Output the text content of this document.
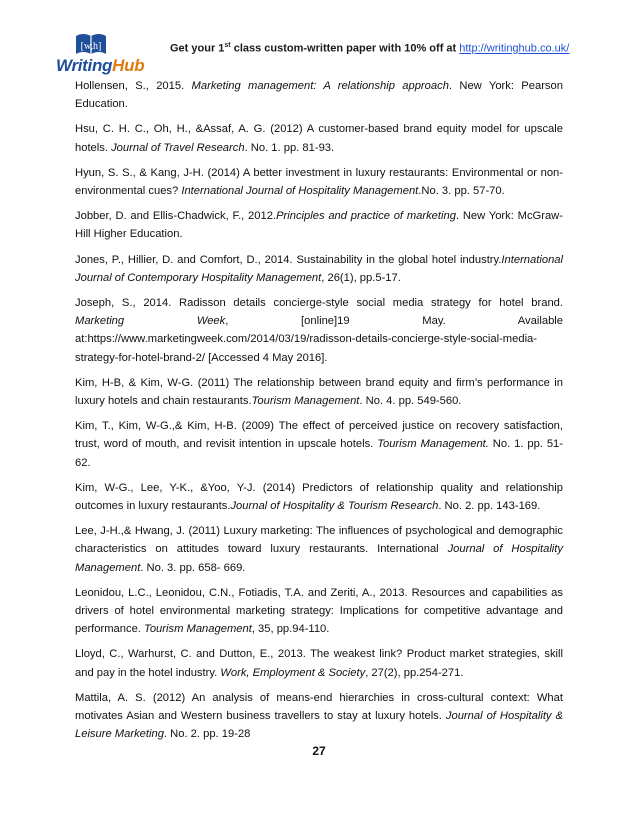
[w,h]
WritingHub
Get your 1st class custom-written paper with 10% off at http://writinghub.co.uk/

Hollensen, S., 2015. Marketing management: A relationship approach. New York: Pearson Education.

Hsu, C. H. C., Oh, H., &Assaf, A. G. (2012) A customer-based brand equity model for upscale hotels. Journal of Travel Research. No. 1. pp. 81-93.

Hyun, S. S., & Kang, J-H. (2014) A better investment in luxury restaurants: Environmental or non-environmental cues? International Journal of Hospitality Management.No. 3. pp. 57-70.

Jobber, D. and Ellis-Chadwick, F., 2012.Principles and practice of marketing. New York: McGraw-Hill Higher Education.

Jones, P., Hillier, D. and Comfort, D., 2014. Sustainability in the global hotel industry.International Journal of Contemporary Hospitality Management, 26(1), pp.5-17.

Joseph, S., 2014. Radisson details concierge-style social media strategy for hotel brand. Marketing Week, [online]19 May. Available at:https://www.marketingweek.com/2014/03/19/radisson-details-concierge-style-social-media-strategy-for-hotel-brand-2/ [Accessed 4 May 2016].

Kim, H-B, & Kim, W-G. (2011) The relationship between brand equity and firm’s performance in luxury hotels and chain restaurants.Tourism Management. No. 4. pp. 549-560.

Kim, T., Kim, W-G.,& Kim, H-B. (2009) The effect of perceived justice on recovery satisfaction, trust, word of mouth, and revisit intention in upscale hotels. Tourism Management. No. 1. pp. 51-62.

Kim, W-G., Lee, Y-K., &Yoo, Y-J. (2014) Predictors of relationship quality and relationship outcomes in luxury restaurants.Journal of Hospitality & Tourism Research. No. 2. pp. 143-169.

Lee, J-H.,& Hwang, J. (2011) Luxury marketing: The influences of psychological and demographic characteristics on attitudes toward luxury restaurants. International Journal of Hospitality Management. No. 3. pp. 658- 669.

Leonidou, L.C., Leonidou, C.N., Fotiadis, T.A. and Zeriti, A., 2013. Resources and capabilities as drivers of hotel environmental marketing strategy: Implications for competitive advantage and performance. Tourism Management, 35, pp.94-110.

Lloyd, C., Warhurst, C. and Dutton, E., 2013. The weakest link? Product market strategies, skill and pay in the hotel industry. Work, Employment & Society, 27(2), pp.254-271.

Mattila, A. S. (2012) An analysis of means-end hierarchies in cross-cultural context: What motivates Asian and Western business travellers to stay at luxury hotels. Journal of Hospitality & Leisure Marketing. No. 2. pp. 19-28

27
